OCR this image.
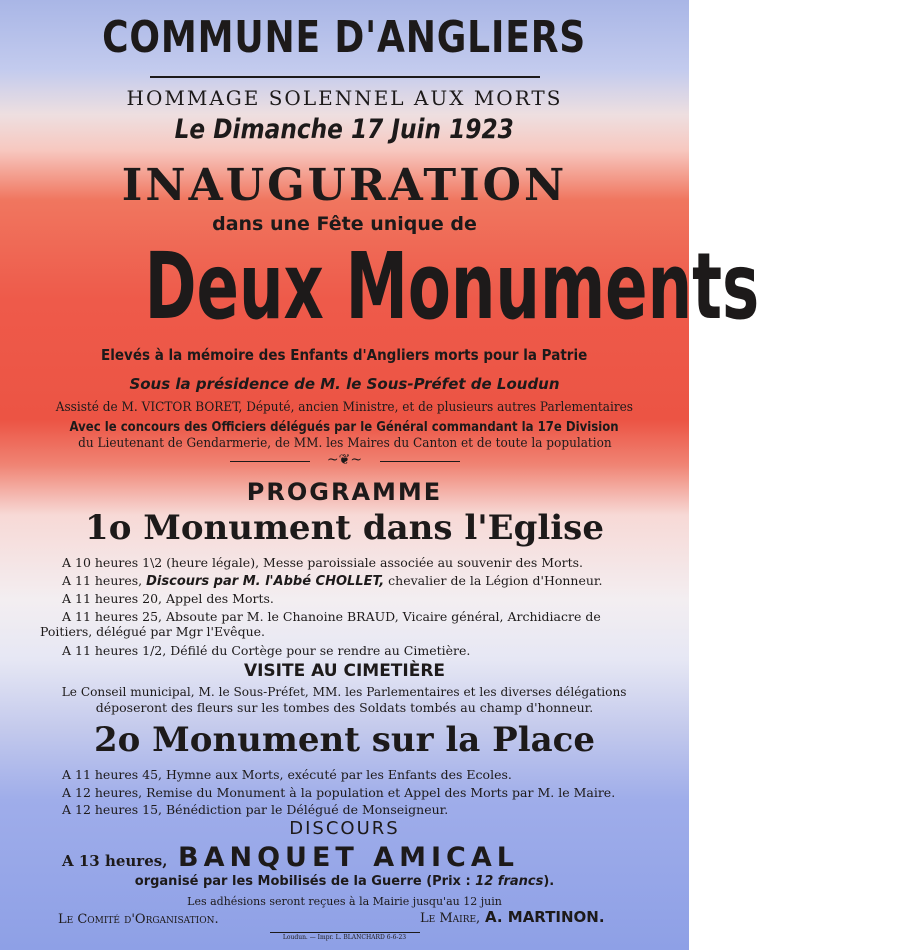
COMMUNE D'ANGLIERS
HOMMAGE SOLENNEL AUX MORTS
Le Dimanche 17 Juin 1923
INAUGURATION
dans une Fête unique de
Deux Monuments
Elevés à la mémoire des Enfants d'Angliers morts pour la Patrie
Sous la présidence de M. le Sous-Préfet de Loudun
Assisté de M. VICTOR BORET, Député, ancien Ministre, et de plusieurs autres Parlementaires
Avec le concours des Officiers délégués par le Général commandant la 17e Division
du Lieutenant de Gendarmerie, de MM. les Maires du Canton et de toute la population
~❦~
PROGRAMME
1o Monument dans l'Eglise
A 10 heures 1\2 (heure légale), Messe paroissiale associée au souvenir des Morts.
A 11 heures, Discours par M. l'Abbé CHOLLET, chevalier de la Légion d'Honneur.
A 11 heures 20, Appel des Morts.
A 11 heures 25, Absoute par M. le Chanoine BRAUD, Vicaire général, Archidiacre de
Poitiers, délégué par Mgr l'Evêque.
A 11 heures 1/2, Défilé du Cortège pour se rendre au Cimetière.
VISITE AU CIMETIÈRE
Le Conseil municipal, M. le Sous-Préfet, MM. les Parlementaires et les diverses délégations
déposeront des fleurs sur les tombes des Soldats tombés au champ d'honneur.
2o Monument sur la Place
A 11 heures 45, Hymne aux Morts, exécuté par les Enfants des Ecoles.
A 12 heures, Remise du Monument à la population et Appel des Morts par M. le Maire.
A 12 heures 15, Bénédiction par le Délégué de Monseigneur.
DISCOURS
A 13 heures, BANQUET AMICAL
organisé par les Mobilisés de la Guerre (Prix : 12 francs).
Les adhésions seront reçues à la Mairie jusqu'au 12 juin
Le Comité d'Organisation.	Le Maire, A. MARTINON.
Loudun. — Impr. L. BLANCHARD 6-6-23
